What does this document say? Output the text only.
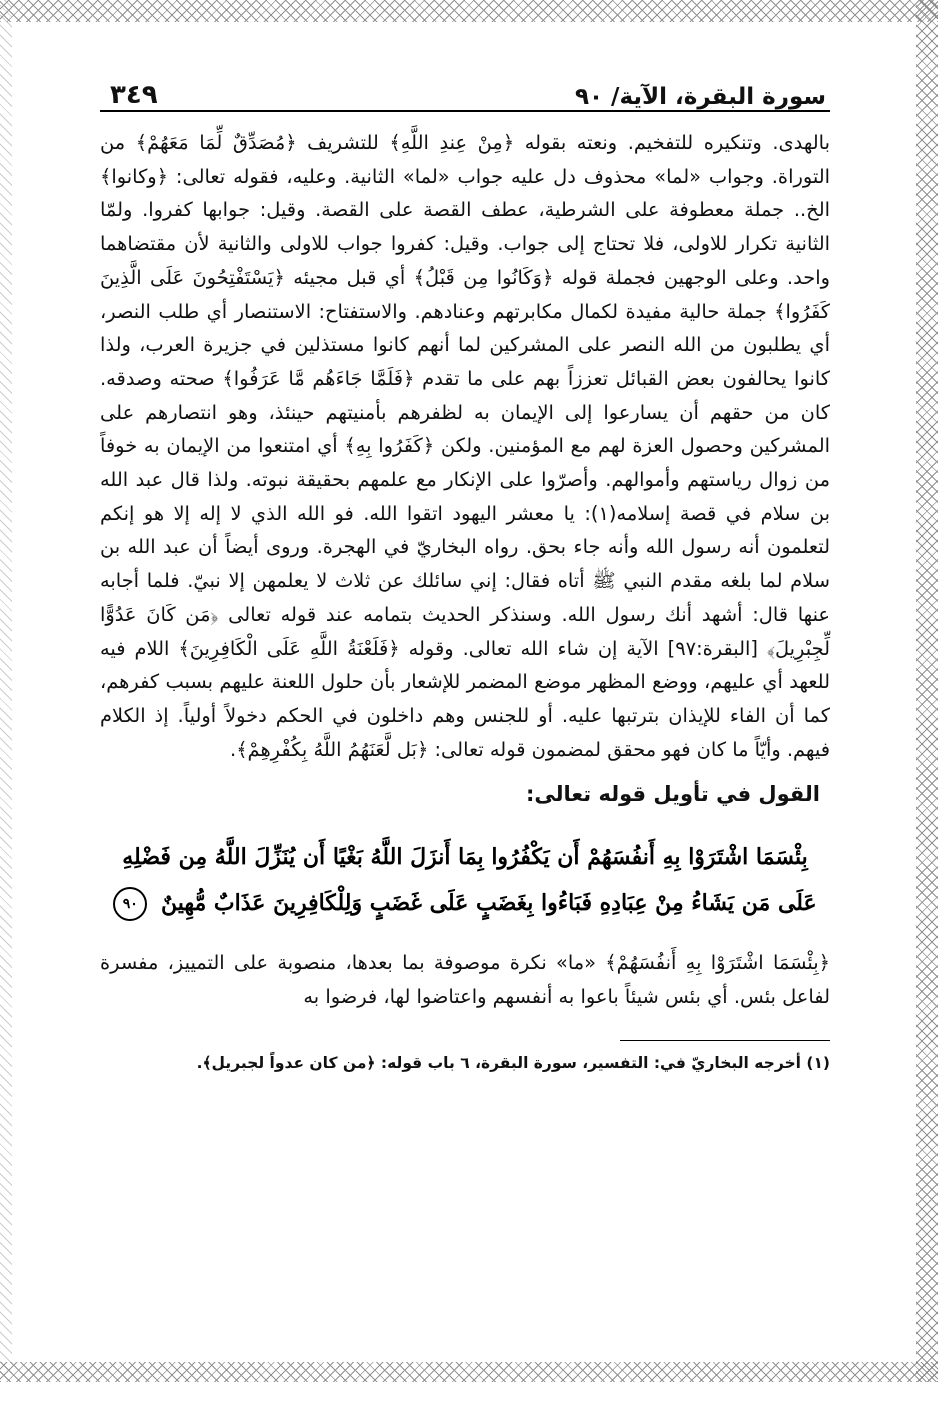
سورة البقرة، الآية/ ٩٠
٣٤٩

بالهدى. وتنكيره للتفخيم. ونعته بقوله ﴿مِنْ عِندِ اللَّهِ﴾ للتشريف ﴿مُصَدِّقٌ لِّمَا مَعَهُمْ﴾ من التوراة. وجواب «لما» محذوف دل عليه جواب «لما» الثانية. وعليه، فقوله تعالى: ﴿وكانوا﴾ الخ.. جملة معطوفة على الشرطية، عطف القصة على القصة. وقيل: جوابها كفروا. ولمّا الثانية تكرار للاولى، فلا تحتاج إلى جواب. وقيل: كفروا جواب للاولى والثانية لأن مقتضاهما واحد. وعلى الوجهين فجملة قوله ﴿وَكَانُوا مِن قَبْلُ﴾ أي قبل مجيئه ﴿يَسْتَفْتِحُونَ عَلَى الَّذِينَ كَفَرُوا﴾ جملة حالية مفيدة لكمال مكابرتهم وعنادهم. والاستفتاح: الاستنصار أي طلب النصر، أي يطلبون من الله النصر على المشركين لما أنهم كانوا مستذلين في جزيرة العرب، ولذا كانوا يحالفون بعض القبائل تعززاً بهم على ما تقدم ﴿فَلَمَّا جَاءَهُم مَّا عَرَفُوا﴾ صحته وصدقه. كان من حقهم أن يسارعوا إلى الإيمان به لظفرهم بأمنيتهم حينئذ، وهو انتصارهم على المشركين وحصول العزة لهم مع المؤمنين. ولكن ﴿كَفَرُوا بِهِ﴾ أي امتنعوا من الإيمان به خوفاً من زوال رياستهم وأموالهم. وأصرّوا على الإنكار مع علمهم بحقيقة نبوته. ولذا قال عبد الله بن سلام في قصة إسلامه(١): يا معشر اليهود اتقوا الله. فو الله الذي لا إله إلا هو إنكم لتعلمون أنه رسول الله وأنه جاء بحق. رواه البخاريّ في الهجرة. وروى أيضاً أن عبد الله بن سلام لما بلغه مقدم النبي ﷺ أتاه فقال: إني سائلك عن ثلاث لا يعلمهن إلا نبيّ. فلما أجابه عنها قال: أشهد أنك رسول الله. وسنذكر الحديث بتمامه عند قوله تعالى ﴿مَن كَانَ عَدُوًّا لِّجِبْرِيلَ﴾ [البقرة:٩٧] الآية إن شاء الله تعالى. وقوله ﴿فَلَعْنَةُ اللَّهِ عَلَى الْكَافِرِينَ﴾ اللام فيه للعهد أي عليهم، ووضع المظهر موضع المضمر للإشعار بأن حلول اللعنة عليهم بسبب كفرهم، كما أن الفاء للإيذان بترتبها عليه. أو للجنس وهم داخلون في الحكم دخولاً أولياً. إذ الكلام فيهم. وأيّاً ما كان فهو محقق لمضمون قوله تعالى: ﴿بَل لَّعَنَهُمُ اللَّهُ بِكُفْرِهِمْ﴾.

القول في تأويل قوله تعالى:
بِئْسَمَا اشْتَرَوْا بِهِ أَنفُسَهُمْ أَن يَكْفُرُوا بِمَا أَنزَلَ اللَّهُ بَغْيًا أَن يُنَزِّلَ اللَّهُ مِن فَضْلِهِ عَلَى مَن يَشَاءُ مِنْ عِبَادِهِ فَبَاءُوا بِغَضَبٍ عَلَى غَضَبٍ وَلِلْكَافِرِينَ عَذَابٌ مُّهِينٌ ٩٠

﴿بِئْسَمَا اشْتَرَوْا بِهِ أَنفُسَهُمْ﴾ «ما» نكرة موصوفة بما بعدها، منصوبة على التمييز، مفسرة لفاعل بئس. أي بئس شيئاً باعوا به أنفسهم واعتاضوا لها، فرضوا به

(١) أخرجه البخاريّ في: التفسير، سورة البقرة، ٦ باب قوله: ﴿من كان عدواً لجبريل﴾.
